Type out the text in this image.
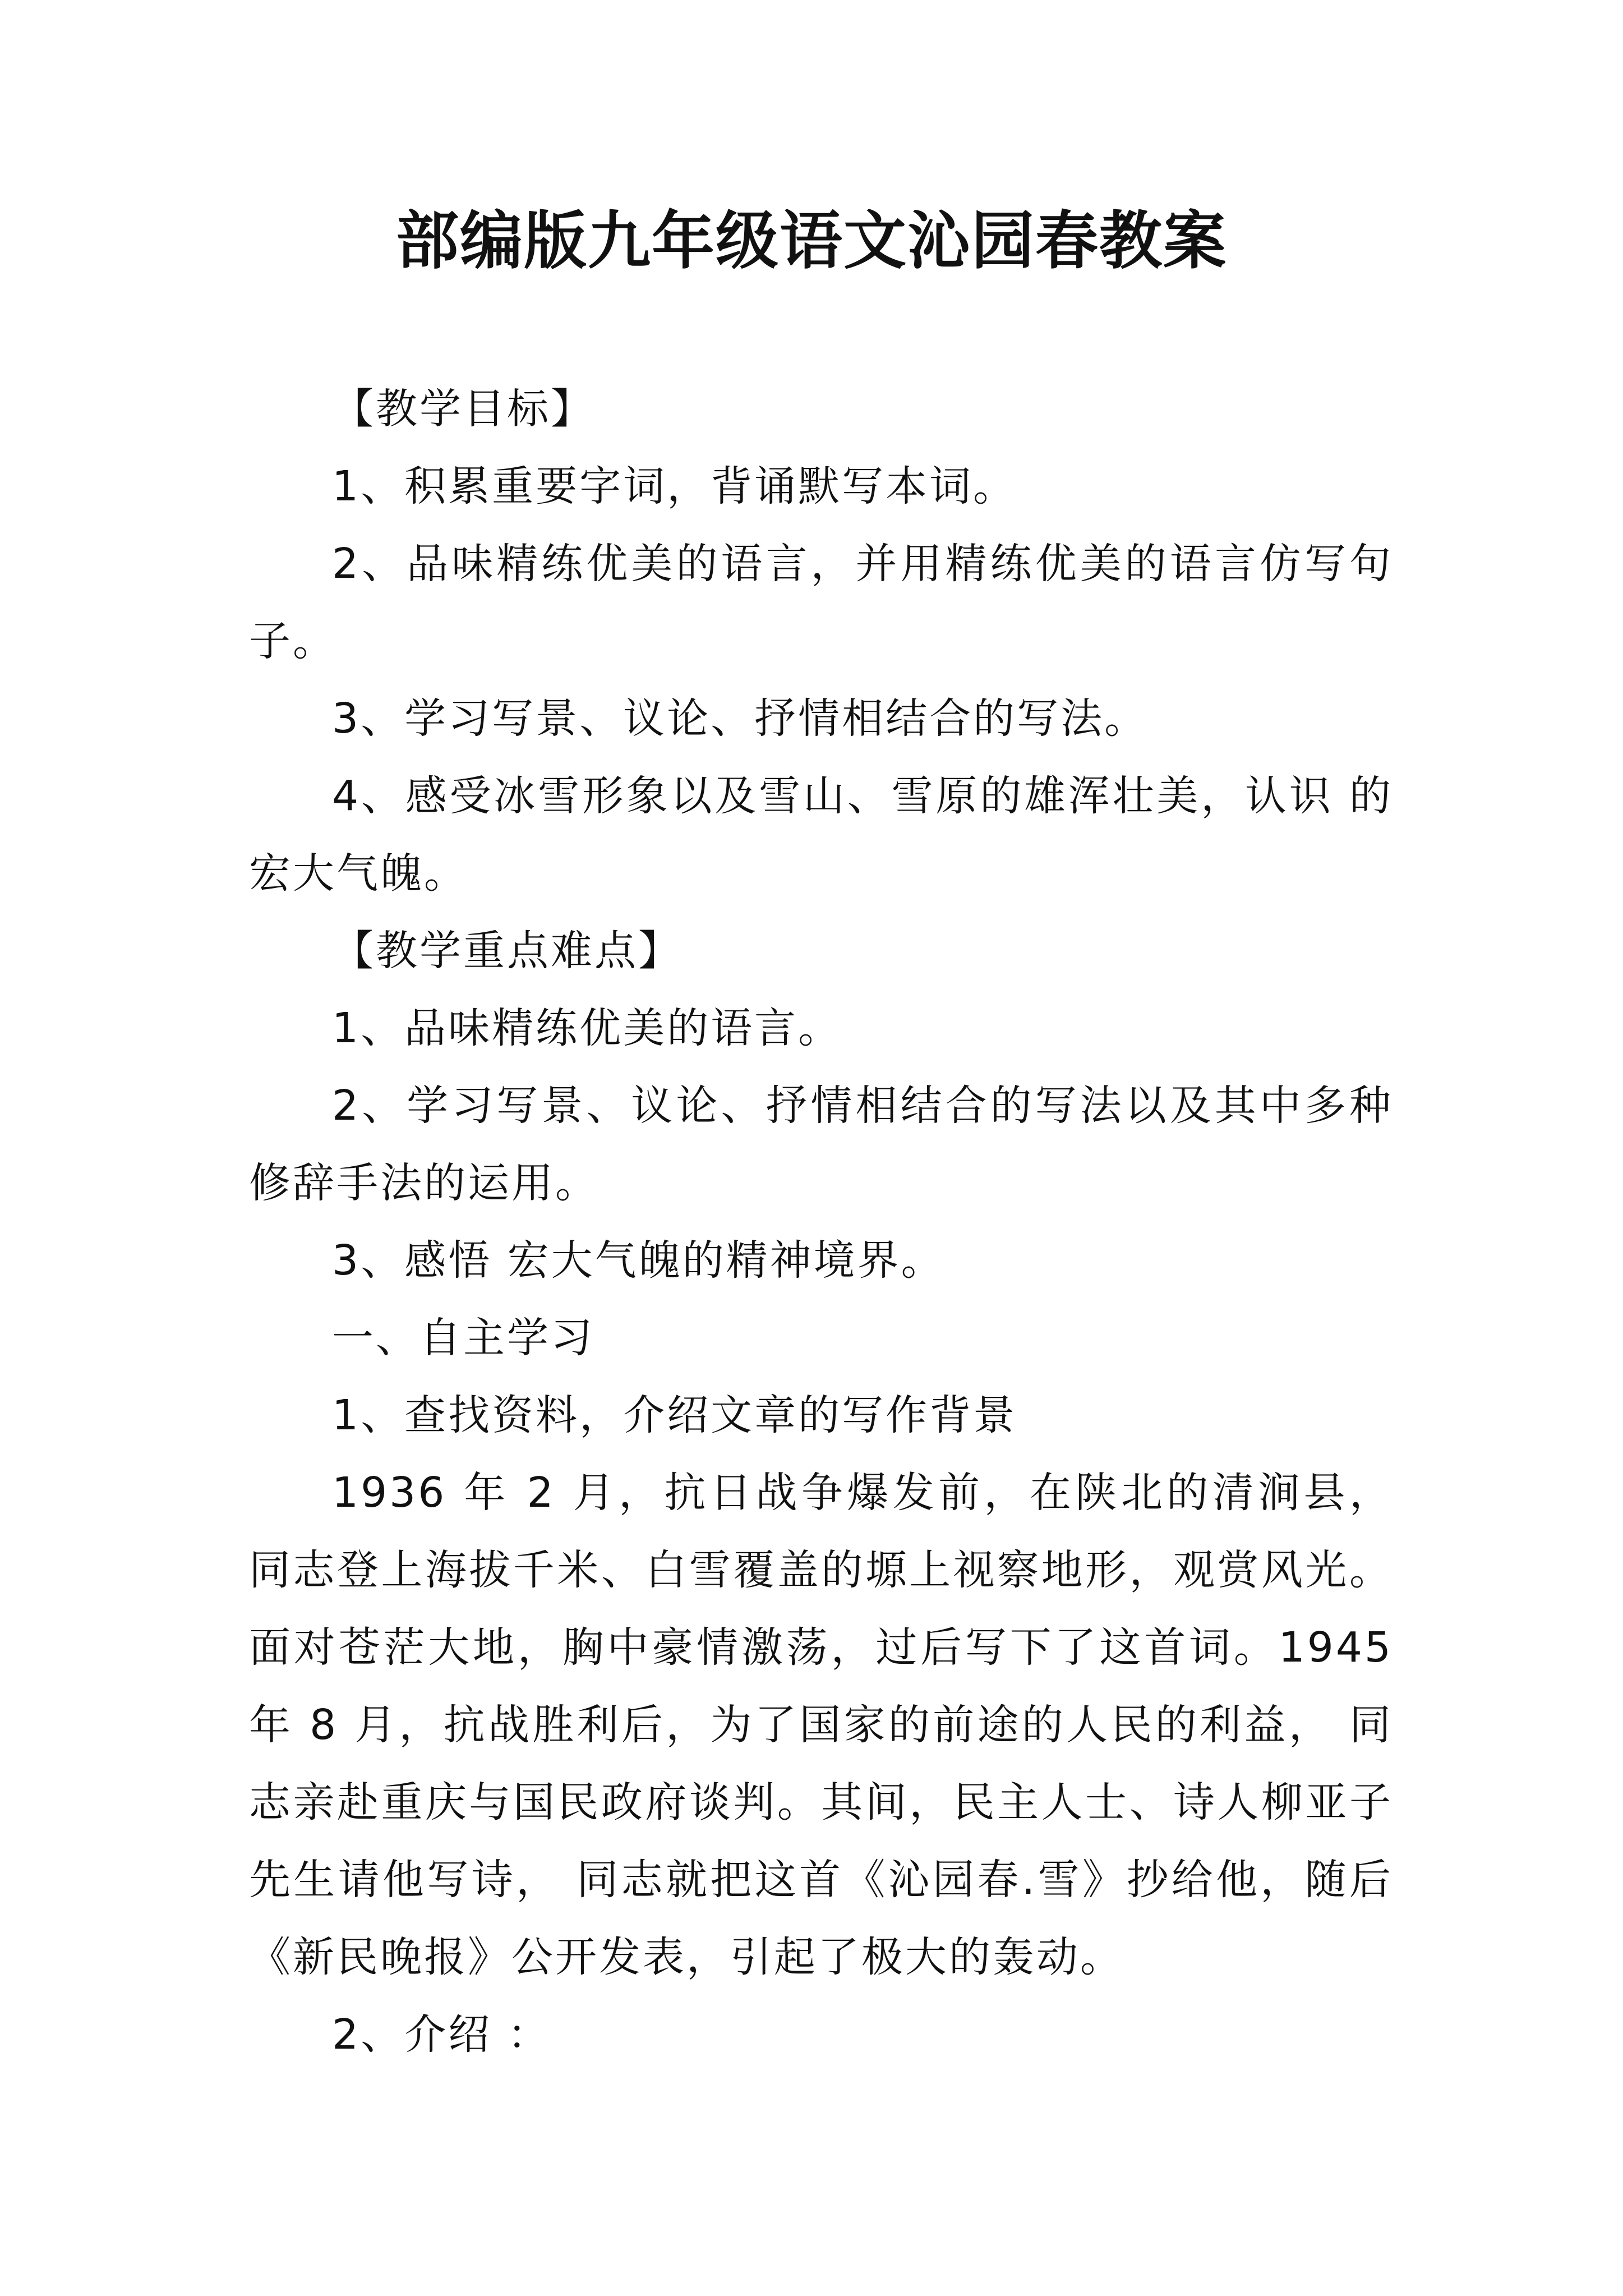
部编版九年级语文沁园春教案

【教学目标】

1、积累重要字词，背诵默写本词。

2、品味精练优美的语言，并用精练优美的语言仿写句子。

3、学习写景、议论、抒情相结合的写法。

4、感受冰雪形象以及雪山、雪原的雄浑壮美，认识 的宏大气魄。

【教学重点难点】

1、品味精练优美的语言。

2、学习写景、议论、抒情相结合的写法以及其中多种修辞手法的运用。

3、感悟 宏大气魄的精神境界。

一、自主学习

1、查找资料，介绍文章的写作背景

1936 年 2 月，抗日战争爆发前，在陕北的清涧县， 同志登上海拔千米、白雪覆盖的塬上视察地形，观赏风光。面对苍茫大地，胸中豪情激荡，过后写下了这首词。1945 年 8 月，抗战胜利后，为了国家的前途的人民的利益， 同志亲赴重庆与国民政府谈判。其间，民主人士、诗人柳亚子先生请他写诗， 同志就把这首《沁园春.雪》抄给他，随后《新民晚报》公开发表，引起了极大的轰动。

2、介绍 ：
